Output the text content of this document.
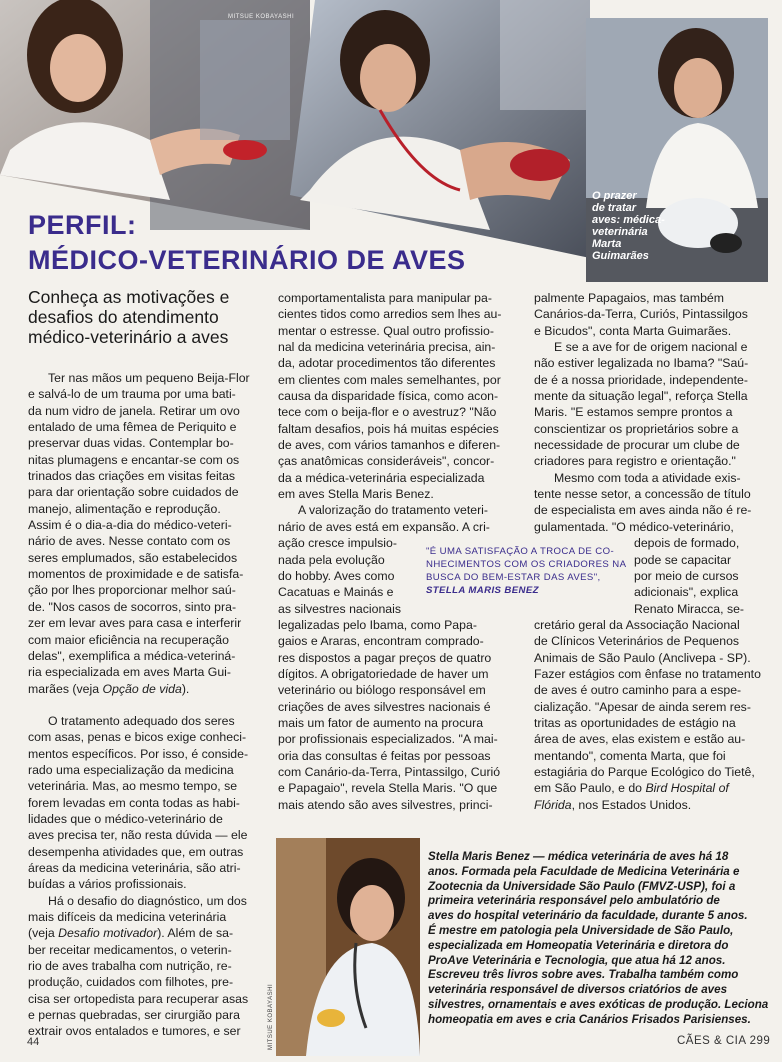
MITSUE KOBAYASHI
O prazer
de tratar
aves: médica-
veterinária
Marta
Guimarães
PERFIL:
MÉDICO-VETERINÁRIO DE AVES
Conheça as motivações e
desafios do atendimento
médico-veterinário a aves
Ter nas mãos um pequeno Beija-Flor
e salvá-lo de um trauma por uma bati-
da num vidro de janela. Retirar um ovo
entalado de uma fêmea de Periquito e
preservar duas vidas. Contemplar bo-
nitas plumagens e encantar-se com os
trinados das criações em visitas feitas
para dar orientação sobre cuidados de
manejo, alimentação e reprodução.
Assim é o dia-a-dia do médico-veteri-
nário de aves. Nesse contato com os
seres emplumados, são estabelecidos
momentos de proximidade e de satisfa-
ção por lhes proporcionar melhor saú-
de. "Nos casos de socorros, sinto pra-
zer em levar aves para casa e interferir
com maior eficiência na recuperação
delas", exemplifica a médica-veteriná-
ria especializada em aves Marta Gui-
marães (veja Opção de vida).
O tratamento adequado dos seres
com asas, penas e bicos exige conheci-
mentos específicos. Por isso, é conside-
rado uma especialização da medicina
veterinária. Mas, ao mesmo tempo, se
forem levadas em conta todas as habi-
lidades que o médico-veterinário de
aves precisa ter, não resta dúvida — ele
desempenha atividades que, em outras
áreas da medicina veterinária, são atri-
buídas a vários profissionais.
Há o desafio do diagnóstico, um dos
mais difíceis da medicina veterinária
(veja Desafio motivador). Além de sa-
ber receitar medicamentos, o veterin-
rio de aves trabalha com nutrição, re-
produção, cuidados com filhotes, pre-
cisa ser ortopedista para recuperar asas
e pernas quebradas, ser cirurgião para
extrair ovos entalados e tumores, e ser
comportamentalista para manipular pa-
cientes tidos como arredios sem lhes au-
mentar o estresse. Qual outro profissio-
nal da medicina veterinária precisa, ain-
da, adotar procedimentos tão diferentes
em clientes com males semelhantes, por
causa da disparidade física, como acon-
tece com o beija-flor e o avestruz? "Não
faltam desafios, pois há muitas espécies
de aves, com vários tamanhos e diferen-
ças anatômicas consideráveis", concor-
da a médica-veterinária especializada
em aves Stella Maris Benez.
A valorização do tratamento veteri-
nário de aves está em expansão. A cri-
ação cresce impulsio-
nada pela evolução
do hobby. Aves como
Cacatuas e Mainás e
as silvestres nacionais
legalizadas pelo Ibama, como Papa-
gaios e Araras, encontram comprado-
res dispostos a pagar preços de quatro
dígitos. A obrigatoriedade de haver um
veterinário ou biólogo responsável em
criações de aves silvestres nacionais é
mais um fator de aumento na procura
por profissionais especializados. "A mai-
oria das consultas é feitas por pessoas
com Canário-da-Terra, Pintassilgo, Curió
e Papagaio", revela Stella Maris. "O que
mais atendo são aves silvestres, princi-
"É UMA SATISFAÇÃO A TROCA DE CO-
NHECIMENTOS COM OS CRIADORES NA
BUSCA DO BEM-ESTAR DAS AVES",
STELLA MARIS BENEZ
palmente Papagaios, mas também
Canários-da-Terra, Curiós, Pintassilgos
e Bicudos", conta Marta Guimarães.
E se a ave for de origem nacional e
não estiver legalizada no Ibama? "Saú-
de é a nossa prioridade, independente-
mente da situação legal", reforça Stella
Maris. "E estamos sempre prontos a
conscientizar os proprietários sobre a
necessidade de procurar um clube de
criadores para registro e orientação."
Mesmo com toda a atividade exis-
tente nesse setor, a concessão de título
de especialista em aves ainda não é re-
gulamentada. "O médico-veterinário,
depois de formado,
pode se capacitar
por meio de cursos
adicionais", explica
Renato Miracca, se-
cretário geral da Associação Nacional
de Clínicos Veterinários de Pequenos
Animais de São Paulo (Anclivepa - SP).
Fazer estágios com ênfase no tratamento
de aves é outro caminho para a espe-
cialização. "Apesar de ainda serem res-
tritas as oportunidades de estágio na
área de aves, elas existem e estão au-
mentando", comenta Marta, que foi
estagiária do Parque Ecológico do Tietê,
em São Paulo, e do Bird Hospital of
Flórida, nos Estados Unidos.
MITSUE KOBAYASHI
Stella Maris Benez — médica veterinária de aves há 18
anos. Formada pela Faculdade de Medicina Veterinária e
Zootecnia da Universidade São Paulo (FMVZ-USP), foi a
primeira veterinária responsável pelo ambulatório de
aves do hospital veterinário da faculdade, durante 5 anos.
É mestre em patologia pela Universidade de São Paulo,
especializada em Homeopatia Veterinária e diretora do
ProAve Veterinária e Tecnologia, que atua há 12 anos.
Escreveu três livros sobre aves. Trabalha também como
veterinária responsável de diversos criatórios de aves
silvestres, ornamentais e aves exóticas de produção. Leciona
homeopatia em aves e cria Canários Frisados Parisienses.
44	CÃES & CIA 299
